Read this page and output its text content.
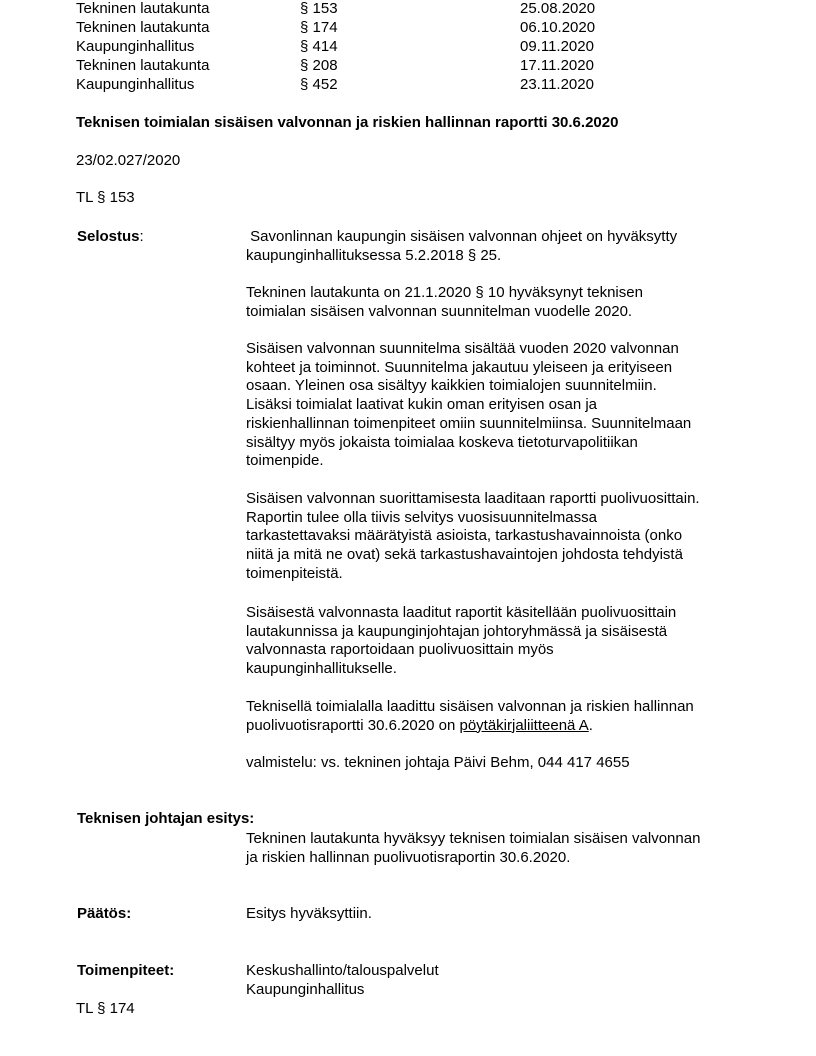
Tekninen lautakunta	§ 153	25.08.2020
Tekninen lautakunta	§ 174	06.10.2020
Kaupunginhallitus	§ 414	09.11.2020
Tekninen lautakunta	§ 208	17.11.2020
Kaupunginhallitus	§ 452	23.11.2020
Teknisen toimialan sisäisen valvonnan ja riskien hallinnan raportti 30.6.2020
23/02.027/2020
TL § 153
Selostus:	Savonlinnan kaupungin sisäisen valvonnan ohjeet on hyväksytty
kaupunginhallituksessa 5.2.2018 § 25.
Tekninen lautakunta on 21.1.2020 § 10 hyväksynyt teknisen
toimialan sisäisen valvonnan suunnitelman vuodelle 2020.
Sisäisen valvonnan suunnitelma sisältää vuoden 2020 valvonnan
kohteet ja toiminnot. Suunnitelma jakautuu yleiseen ja erityiseen
osaan. Yleinen osa sisältyy kaikkien toimialojen suunnitelmiin.
Lisäksi toimialat laativat kukin oman erityisen osan ja
riskienhallinnan toimenpiteet omiin suunnitelmiinsa. Suunnitelmaan
sisältyy myös jokaista toimialaa koskeva tietoturvapolitiikan
toimenpide.
Sisäisen valvonnan suorittamisesta laaditaan raportti puolivuosittain.
Raportin tulee olla tiivis selvitys vuosisuunnitelmassa
tarkastettavaksi määrätyistä asioista, tarkastushavainnoista (onko
niitä ja mitä ne ovat) sekä tarkastushavaintojen johdosta tehdyistä
toimenpiteistä.
Sisäisestä valvonnasta laaditut raportit käsitellään puolivuosittain
lautakunnissa ja kaupunginjohtajan johtoryhmässä ja sisäisestä
valvonnasta raportoidaan puolivuosittain myös
kaupunginhallitukselle.
Teknisellä toimialalla laadittu sisäisen valvonnan ja riskien hallinnan
puolivuotisraportti 30.6.2020 on pöytäkirjaliitteenä A.
valmistelu: vs. tekninen johtaja Päivi Behm, 044 417 4655
Teknisen johtajan esitys:
Tekninen lautakunta hyväksyy teknisen toimialan sisäisen valvonnan
ja riskien hallinnan puolivuotisraportin 30.6.2020.
Päätös:	Esitys hyväksyttiin.
Toimenpiteet:	Keskushallinto/talouspalvelut
Kaupunginhallitus
TL § 174
